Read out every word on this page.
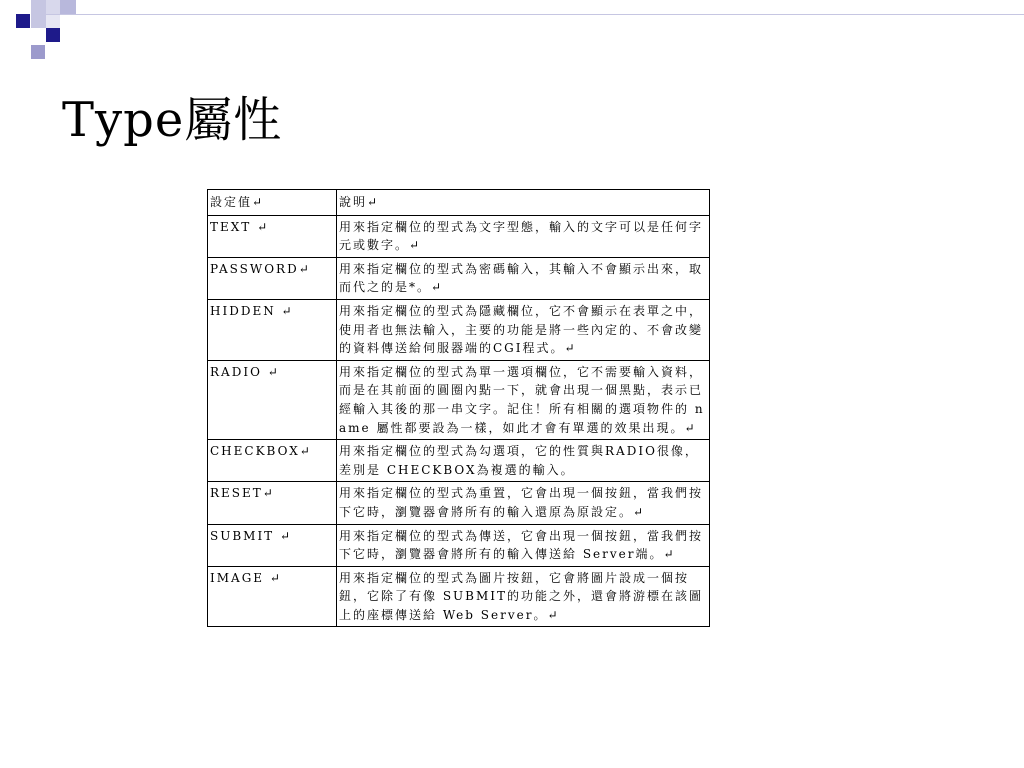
Type屬性
設定值↵	說明↵
TEXT ↵	用來指定欄位的型式為文字型態，輸入的文字可以是任何字元或數字。↵
PASSWORD↵	用來指定欄位的型式為密碼輸入，其輸入不會顯示出來，取而代之的是*。↵
HIDDEN ↵	用來指定欄位的型式為隱藏欄位，它不會顯示在表單之中，使用者也無法輸入，主要的功能是將一些內定的、不會改變的資料傳送給伺服器端的CGI程式。↵
RADIO ↵	用來指定欄位的型式為單一選項欄位，它不需要輸入資料，而是在其前面的圓圈內點一下，就會出現一個黑點，表示已經輸入其後的那一串文字。記住！所有相關的選項物件的 name 屬性都要設為一樣，如此才會有單選的效果出現。↵
CHECKBOX↵	用來指定欄位的型式為勾選項，它的性質與RADIO很像，差別是 CHECKBOX為複選的輸入。
RESET↵	用來指定欄位的型式為重置，它會出現一個按鈕，當我們按下它時，瀏覽器會將所有的輸入還原為原設定。↵
SUBMIT ↵	用來指定欄位的型式為傳送，它會出現一個按鈕，當我們按下它時，瀏覽器會將所有的輸入傳送給 Server端。↵
IMAGE ↵	用來指定欄位的型式為圖片按鈕，它會將圖片設成一個按鈕，它除了有像 SUBMIT的功能之外，還會將游標在該圖上的座標傳送給 Web Server。↵
